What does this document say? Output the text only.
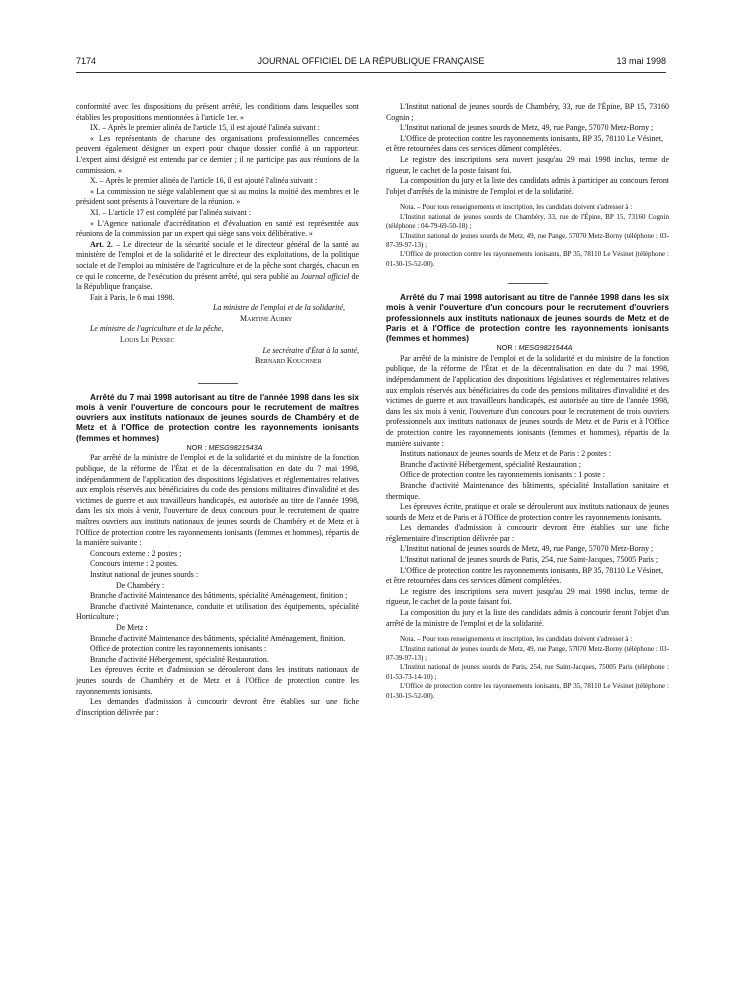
7174	JOURNAL OFFICIEL DE LA RÉPUBLIQUE FRANÇAISE	13 mai 1998

conformité avec les dispositions du présent arrêté, les conditions dans lesquelles sont établies les propositions mentionnées à l'article 1er. »

IX. – Après le premier alinéa de l'article 15, il est ajouté l'alinéa suivant :

« Les représentants de chacune des organisations professionnelles concernées peuvent également désigner un expert pour chaque dossier confié à un rapporteur. L'expert ainsi désigné est entendu par ce dernier ; il ne participe pas aux réunions de la commission. »

X. – Après le premier alinéa de l'article 16, il est ajouté l'alinéa suivant :

« La commission ne siège valablement que si au moins la moitié des membres et le président sont présents à l'ouverture de la réunion. »

XI. – L'article 17 est complété par l'alinéa suivant :

« L'Agence nationale d'accréditation et d'évaluation en santé est représentée aux réunions de la commission par un expert qui siège sans voix délibérative. »

Art. 2. – Le directeur de la sécurité sociale et le directeur général de la santé au ministère de l'emploi et de la solidarité et le directeur des exploitations, de la politique sociale et de l'emploi au ministère de l'agriculture et de la pêche sont chargés, chacun en ce qui le concerne, de l'exécution du présent arrêté, qui sera publié au Journal officiel de la République française.

Fait à Paris, le 6 mai 1998.

La ministre de l'emploi et de la solidarité,

Martine Aubry

Le ministre de l'agriculture et de la pêche,

Louis Le Pensec

Le secrétaire d'État à la santé,

Bernard Kouchner

Arrêté du 7 mai 1998 autorisant au titre de l'année 1998 dans les six mois à venir l'ouverture de concours pour le recrutement de maîtres ouvriers aux instituts nationaux de jeunes sourds de Chambéry et de Metz et à l'Office de protection contre les rayonnements ionisants (femmes et hommes)

NOR : MESG9821543A

Par arrêté de la ministre de l'emploi et de la solidarité et du ministre de la fonction publique, de la réforme de l'État et de la décentralisation en date du 7 mai 1998, indépendamment de l'application des dispositions législatives et réglementaires relatives aux emplois réservés aux bénéficiaires du code des pensions militaires d'invalidité et des victimes de guerre et aux travailleurs handicapés, est autorisée au titre de l'année 1998, dans les six mois à venir, l'ouverture de deux concours pour le recrutement de quatre maîtres ouvriers aux instituts nationaux de jeunes sourds de Chambéry et de Metz et à l'Office de protection contre les rayonnements ionisants (femmes et hommes), répartis de la manière suivante :

Concours externe : 2 postes ;

Concours interne : 2 postes.

Institut national de jeunes sourds :

De Chambéry :

Branche d'activité Maintenance des bâtiments, spécialité Aménagement, finition ;

Branche d'activité Maintenance, conduite et utilisation des équipements, spécialité Horticulture ;

De Metz :

Branche d'activité Maintenance des bâtiments, spécialité Aménagement, finition.

Office de protection contre les rayonnements ionisants :

Branche d'activité Hébergement, spécialité Restauration.

Les épreuves écrite et d'admission se dérouleront dans les instituts nationaux de jeunes sourds de Chambéry et de Metz et à l'Office de protection contre les rayonnements ionisants.

Les demandes d'admission à concourir devront être établies sur une fiche d'inscription délivrée par :

L'Institut national de jeunes sourds de Chambéry, 33, rue de l'Épine, BP 15, 73160 Cognin ;

L'Institut national de jeunes sourds de Metz, 49, rue Pange, 57070 Metz-Borny ;

L'Office de protection contre les rayonnements ionisants, BP 35, 78110 Le Vésinet,

et être retournées dans ces services dûment complétées.

Le registre des inscriptions sera ouvert jusqu'au 29 mai 1998 inclus, terme de rigueur, le cachet de la poste faisant foi.

La composition du jury et la liste des candidats admis à participer au concours feront l'objet d'arrêtés de la ministre de l'emploi et de la solidarité.

Nota. – Pour tous renseignements et inscription, les candidats doivent s'adresser à :

L'Institut national de jeunes sourds de Chambéry, 33, rue de l'Épine, BP 15, 73160 Cognin (téléphone : 04-79-69-50-18) ;

L'Institut national de jeunes sourds de Metz, 49, rue Pange, 57070 Metz-Borny (téléphone : 03-87-39-97-13) ;

L'Office de protection contre les rayonnements ionisants, BP 35, 78110 Le Vésinet (téléphone : 01-30-15-52-00).

Arrêté du 7 mai 1998 autorisant au titre de l'année 1998 dans les six mois à venir l'ouverture d'un concours pour le recrutement d'ouvriers professionnels aux instituts nationaux de jeunes sourds de Metz et de Paris et à l'Office de protection contre les rayonnements ionisants (femmes et hommes)

NOR : MESG9821544A

Par arrêté de la ministre de l'emploi et de la solidarité et du ministre de la fonction publique, de la réforme de l'État et de la décentralisation en date du 7 mai 1998, indépendamment de l'application des dispositions législatives et réglementaires relatives aux emplois réservés aux bénéficiaires du code des pensions militaires d'invalidité et des victimes de guerre et aux travailleurs handicapés, est autorisée au titre de l'année 1998, dans les six mois à venir, l'ouverture d'un concours pour le recrutement de trois ouvriers professionnels aux instituts nationaux de jeunes sourds de Metz et de Paris et à l'Office de protection contre les rayonnements ionisants (femmes et hommes), répartis de la manière suivante :

Instituts nationaux de jeunes sourds de Metz et de Paris : 2 postes :

Branche d'activité Hébergement, spécialité Restauration ;

Office de protection contre les rayonnements ionisants : 1 poste :

Branche d'activité Maintenance des bâtiments, spécialité Installation sanitaire et thermique.

Les épreuves écrite, pratique et orale se dérouleront aux instituts nationaux de jeunes sourds de Metz et de Paris et à l'Office de protection contre les rayonnements ionisants.

Les demandes d'admission à concourir devront être établies sur une fiche réglementaire d'inscription délivrée par :

L'Institut national de jeunes sourds de Metz, 49, rue Pange, 57070 Metz-Borny ;

L'Institut national de jeunes sourds de Paris, 254, rue Saint-Jacques, 75005 Paris ;

L'Office de protection contre les rayonnements ionisants, BP 35, 78110 Le Vésinet,

et être retournées dans ces services dûment complétées.

Le registre des inscriptions sera ouvert jusqu'au 29 mai 1998 inclus, terme de rigueur, le cachet de la poste faisant foi.

La composition du jury et la liste des candidats admis à concourir feront l'objet d'un arrêté de la ministre de l'emploi et de la solidarité.

Nota. – Pour tous renseignements et inscription, les candidats doivent s'adresser à :

L'Institut national de jeunes sourds de Metz, 49, rue Pange, 57070 Metz-Borny (téléphone : 03-87-39-97-13) ;

L'Institut national de jeunes sourds de Paris, 254, rue Saint-Jacques, 75005 Paris (téléphone : 01-53-73-14-10) ;

L'Office de protection contre les rayonnements ionisants, BP 35, 78110 Le Vésinet (téléphone : 01-30-15-52-00).
